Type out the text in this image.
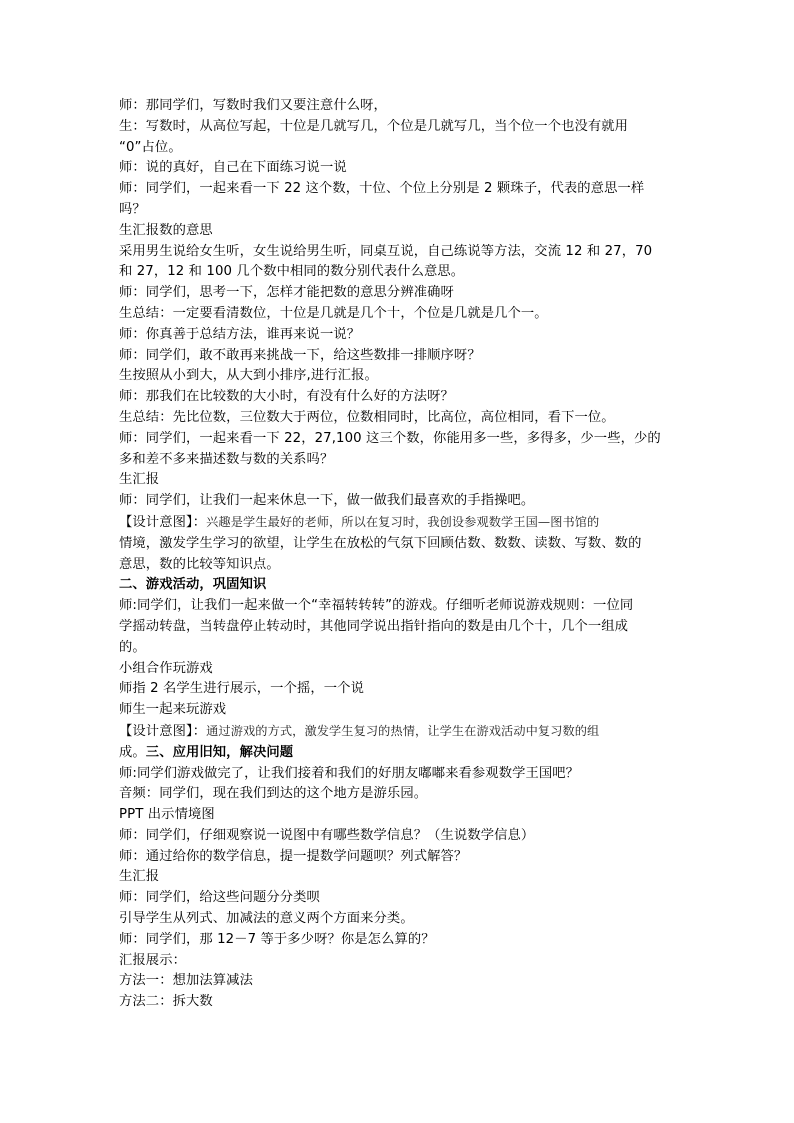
师：那同学们，写数时我们又要注意什么呀，
生：写数时，从高位写起，十位是几就写几，个位是几就写几，当个位一个也没有就用
“0”占位。
师：说的真好，自己在下面练习说一说
师：同学们，一起来看一下 22 这个数，十位、个位上分别是 2 颗珠子，代表的意思一样
吗？
生汇报数的意思
采用男生说给女生听，女生说给男生听，同桌互说，自己练说等方法，交流 12 和 27，70
和 27，12 和 100 几个数中相同的数分别代表什么意思。
师：同学们，思考一下，怎样才能把数的意思分辨准确呀
生总结：一定要看清数位，十位是几就是几个十，个位是几就是几个一。
师：你真善于总结方法，谁再来说一说？
师：同学们，敢不敢再来挑战一下，给这些数排一排顺序呀？
生按照从小到大，从大到小排序,进行汇报。
师：那我们在比较数的大小时，有没有什么好的方法呀？
生总结：先比位数，三位数大于两位，位数相同时，比高位，高位相同，看下一位。
师：同学们，一起来看一下 22，27,100 这三个数，你能用多一些，多得多，少一些，少的
多和差不多来描述数与数的关系吗？
生汇报
师：同学们，让我们一起来休息一下，做一做我们最喜欢的手指操吧。
【设计意图】：兴趣是学生最好的老师，所以在复习时，我创设参观数学王国—图书馆的
情境，激发学生学习的欲望，让学生在放松的气氛下回顾估数、数数、读数、写数、数的
意思，数的比较等知识点。
二、游戏活动，巩固知识
师:同学们，让我们一起来做一个“幸福转转转”的游戏。仔细听老师说游戏规则：一位同
学摇动转盘，当转盘停止转动时，其他同学说出指针指向的数是由几个十，几个一组成
的。
小组合作玩游戏
师指 2 名学生进行展示，一个摇，一个说
师生一起来玩游戏
【设计意图】：通过游戏的方式，激发学生复习的热情，让学生在游戏活动中复习数的组
成。三、应用旧知，解决问题
师:同学们游戏做完了，让我们接着和我们的好朋友嘟嘟来看参观数学王国吧？
音频：同学们，现在我们到达的这个地方是游乐园。
PPT 出示情境图
师：同学们，仔细观察说一说图中有哪些数学信息？（生说数学信息）
师：通过给你的数学信息，提一提数学问题呗？列式解答？
生汇报
师：同学们，给这些问题分分类呗
引导学生从列式、加减法的意义两个方面来分类。
师：同学们，那 12－7 等于多少呀？你是怎么算的？
汇报展示：
方法一：想加法算减法
方法二：拆大数
